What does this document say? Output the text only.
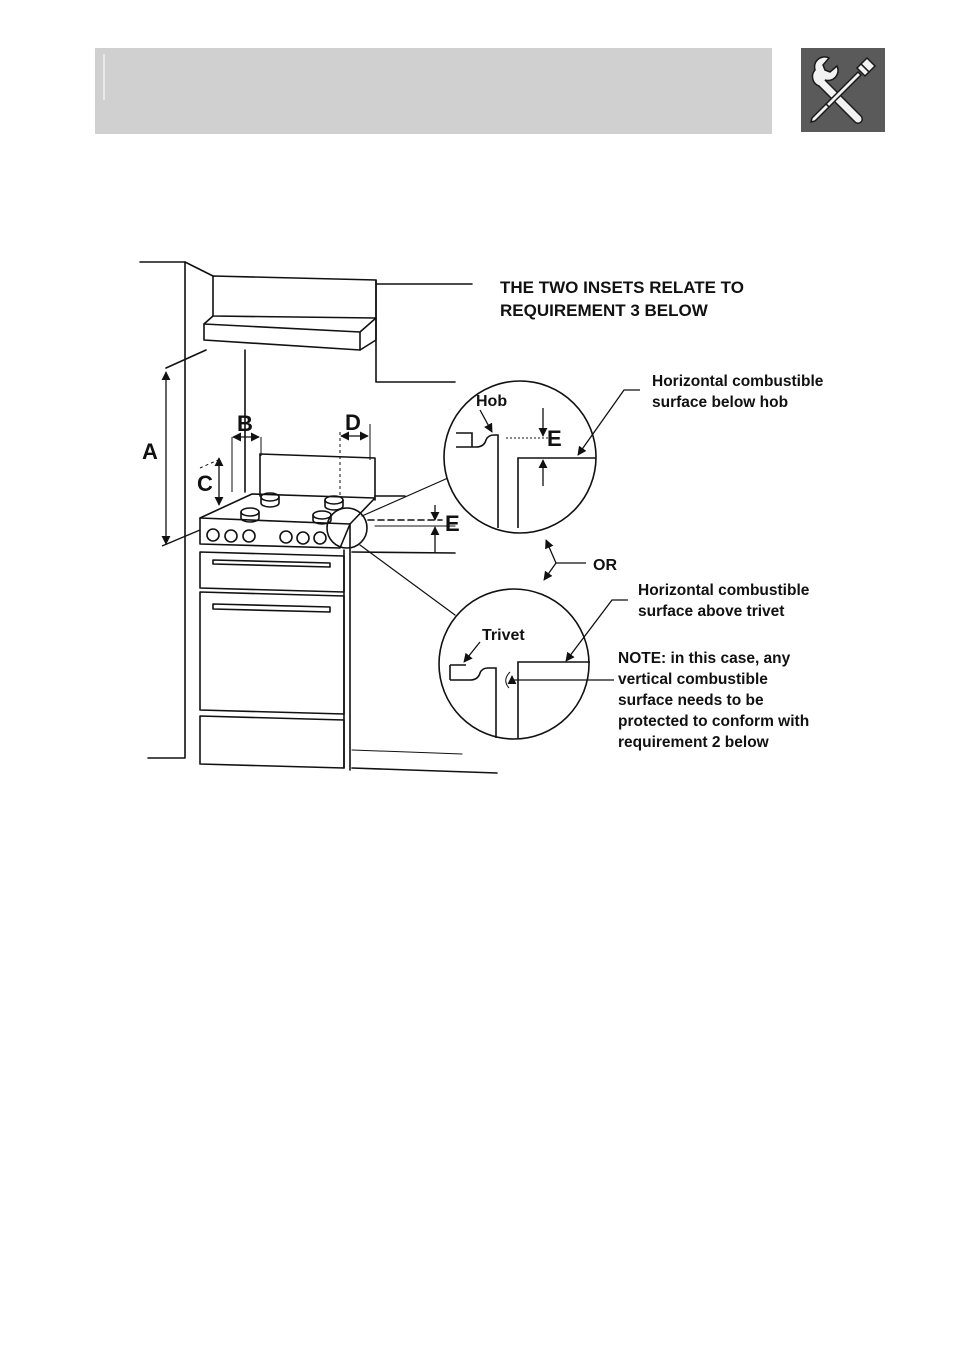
THE TWO INSETS RELATE TO
REQUIREMENT 3 BELOW
A
B
C
D
E
Hob
E
Horizontal combustible
surface below hob
OR
Trivet
Horizontal combustible
surface above trivet
NOTE: in this case, any
vertical combustible
surface needs to be
protected to conform with
requirement 2 below
